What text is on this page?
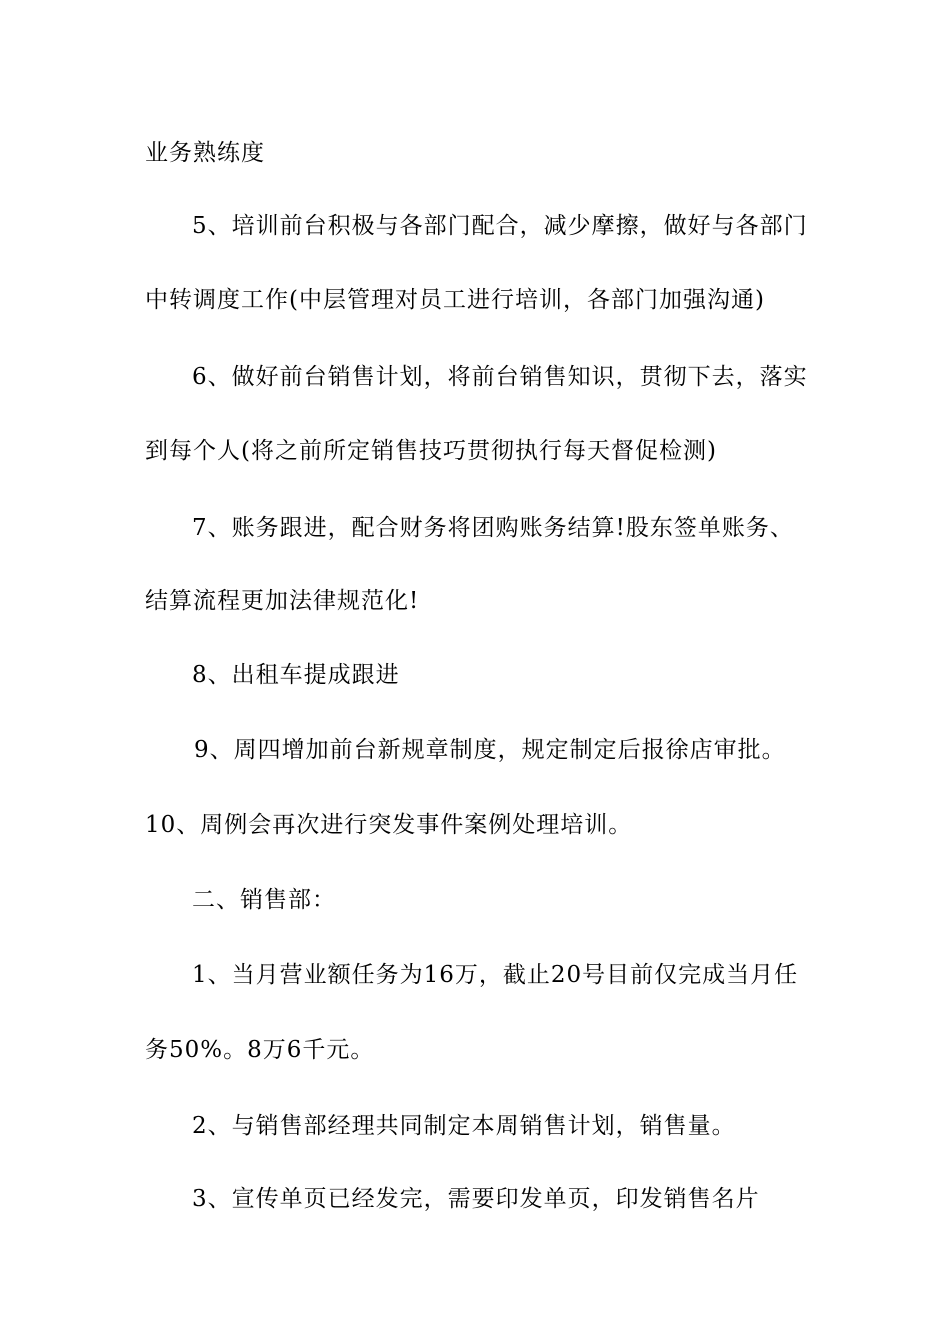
业务熟练度
5、培训前台积极与各部门配合，减少摩擦，做好与各部门
中转调度工作(中层管理对员工进行培训，各部门加强沟通)
6、做好前台销售计划，将前台销售知识，贯彻下去，落实
到每个人(将之前所定销售技巧贯彻执行每天督促检测)
7、账务跟进，配合财务将团购账务结算!股东签单账务、
结算流程更加法律规范化!
8、出租车提成跟进
9、周四增加前台新规章制度，规定制定后报徐店审批。
10、周例会再次进行突发事件案例处理培训。
二、销售部：
1、当月营业额任务为16万，截止20号目前仅完成当月任
务50%。8万6千元。
2、与销售部经理共同制定本周销售计划，销售量。
3、宣传单页已经发完，需要印发单页，印发销售名片
